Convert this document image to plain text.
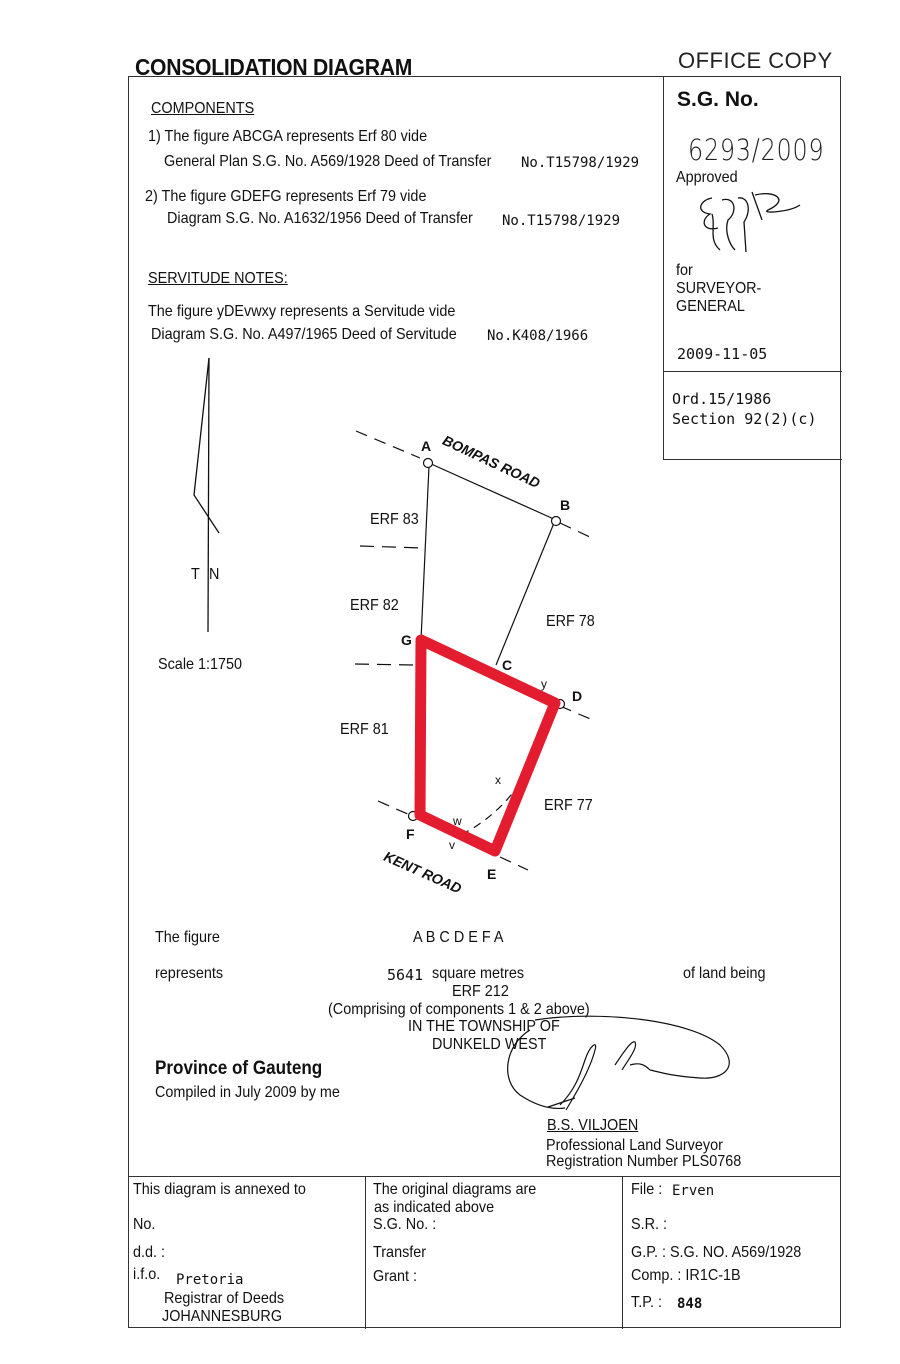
CONSOLIDATION DIAGRAM	OFFICE COPY
COMPONENTS
1) The figure ABCGA represents Erf 80 vide
General Plan S.G. No. A569/1928 Deed of Transfer No.T15798/1929
2) The figure GDEFG represents Erf 79 vide
Diagram S.G. No. A1632/1956 Deed of Transfer No.T15798/1929
SERVITUDE NOTES:
The figure yDEvwxy represents a Servitude vide
Diagram S.G. No. A497/1965 Deed of Servitude No.K408/1966
S.G. No.
6293/2009
Approved
for
SURVEYOR-
GENERAL
2009-11-05
Ord.15/1986
Section 92(2)(c)
A
B
C
D
E
F
G
v
w
x
y
BOMPAS ROAD
KENT ROAD
ERF 83
ERF 82
ERF 81
ERF 78
ERF 77
T N
Scale 1:1750
The figure	A B C D E F A
represents	5641 square metres	of land being
ERF 212
(Comprising of components 1 & 2 above)
IN THE TOWNSHIP OF
DUNKELD WEST
Province of Gauteng
Compiled in July 2009 by me
B.S. VILJOEN
Professional Land Surveyor
Registration Number PLS0768
This diagram is annexed to
No.
d.d. :
i.f.o. Pretoria
Registrar of Deeds
JOHANNESBURG
The original diagrams are
as indicated above
S.G. No. :
Transfer
Grant :
File : Erven
S.R. :
G.P. : S.G. NO. A569/1928
Comp. : IR1C-1B
T.P. : 848
